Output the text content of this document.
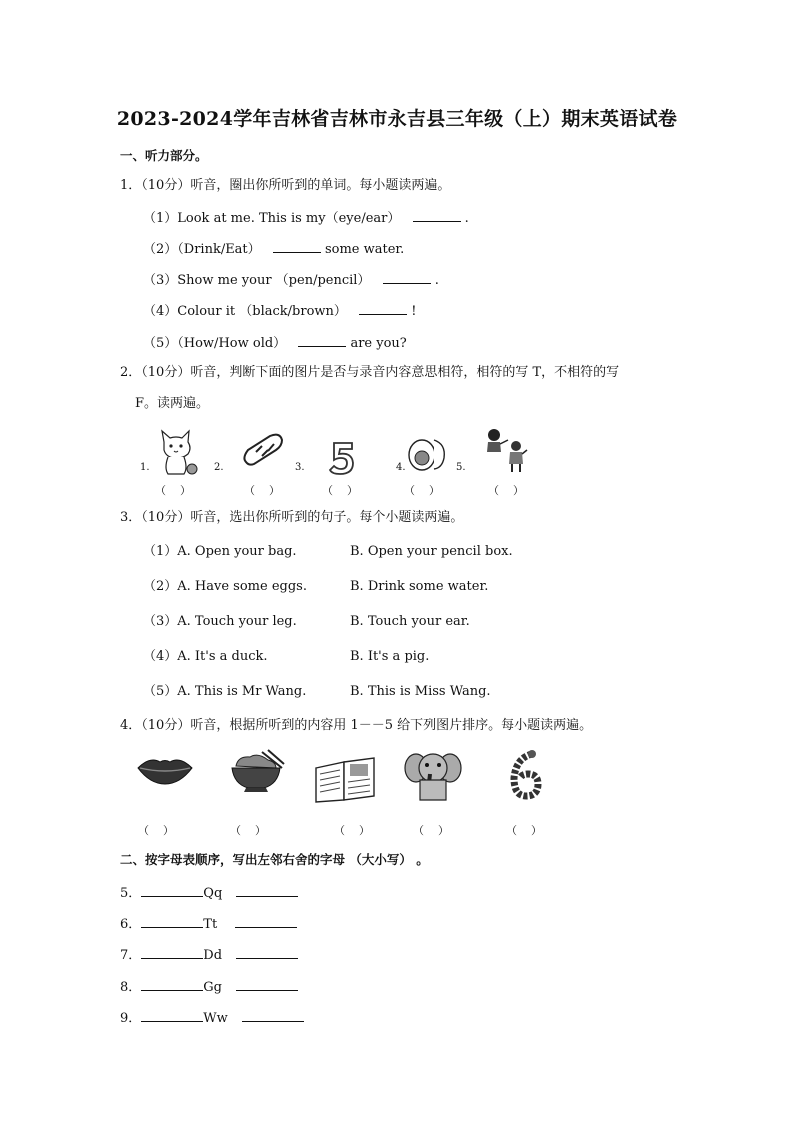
2023-2024学年吉林省吉林市永吉县三年级（上）期末英语试卷
一、听力部分。
1．（10分）听音，圈出你所听到的单词。每小题读两遍。
（1）Look at me. This is my（eye/ear）	.
（2）（Drink/Eat）	some water.
（3）Show me your （pen/pencil）	.
（4）Colour it （black/brown）	!
（5）（How/How old）	are you?
2．（10分）听音，判断下面的图片是否与录音内容意思相符，相符的写 T，不相符的写
F。读两遍。
1.	2.	3.	4.	5.
（    ）	（    ）	（    ）	（    ）	（    ）
3．（10分）听音，选出你所听到的句子。每个小题读两遍。
（1）A. Open your bag.	B. Open your pencil box.
（2）A. Have some eggs.	B. Drink some water.
（3）A. Touch your leg.	B. Touch your ear.
（4）A. It's a duck.	B. It's a pig.
（5）A. This is Mr Wang.	B. This is Miss Wang.
4．（10分）听音，根据所听到的内容用 1－－5 给下列图片排序。每小题读两遍。
（    ）	（    ）	（    ）	（    ）	（    ）
二、按字母表顺序，写出左邻右舍的字母 （大小写） 。
5．	Qq
6．	Tt
7．	Dd
8．	Gg
9．	Ww
